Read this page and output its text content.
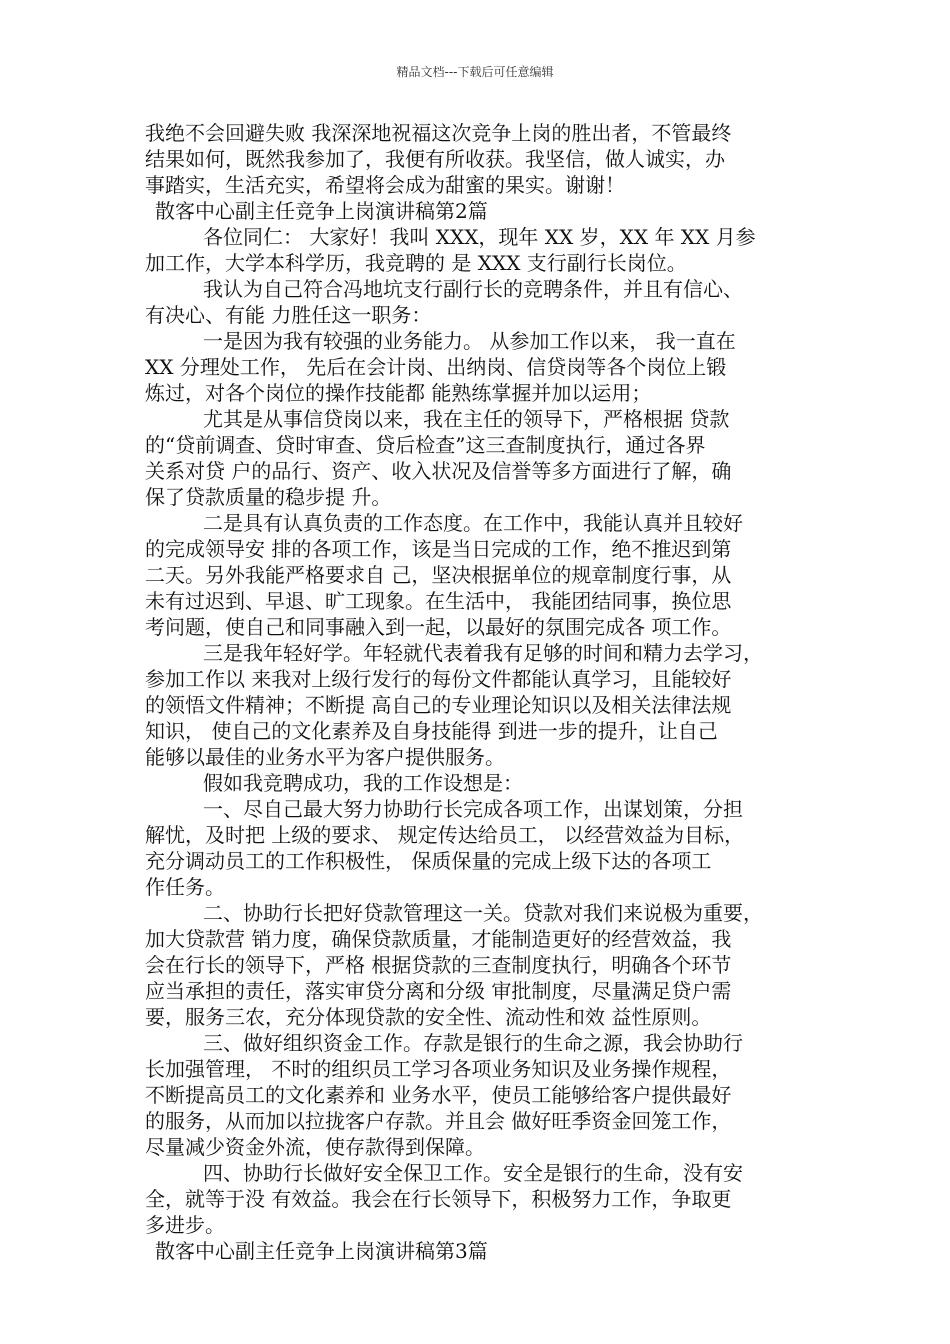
精品文档---下载后可任意编辑
我绝不会回避失败 我深深地祝福这次竞争上岗的胜出者，不管最终
结果如何，既然我参加了，我便有所收获。我坚信，做人诚实，办
事踏实，生活充实，希望将会成为甜蜜的果实。谢谢！
散客中心副主任竞争上岗演讲稿第2篇
各位同仁： 大家好！我叫 XXX，现年 XX 岁，XX 年 XX 月参
加工作，大学本科学历，我竞聘的 是 XXX 支行副行长岗位。
我认为自己符合冯地坑支行副行长的竞聘条件，并且有信心、
有决心、有能 力胜任这一职务：
一是因为我有较强的业务能力。 从参加工作以来， 我一直在
XX 分理处工作， 先后在会计岗、出纳岗、信贷岗等各个岗位上锻
炼过，对各个岗位的操作技能都 能熟练掌握并加以运用；
尤其是从事信贷岗以来，我在主任的领导下，严格根据 贷款
的“贷前调查、贷时审查、贷后检查”这三查制度执行，通过各界
关系对贷 户的品行、资产、收入状况及信誉等多方面进行了解，确
保了贷款质量的稳步提 升。
二是具有认真负责的工作态度。在工作中，我能认真并且较好
的完成领导安 排的各项工作，该是当日完成的工作，绝不推迟到第
二天。另外我能严格要求自 己，坚决根据单位的规章制度行事，从
未有过迟到、早退、旷工现象。在生活中， 我能团结同事，换位思
考问题，使自己和同事融入到一起，以最好的氛围完成各 项工作。
三是我年轻好学。年轻就代表着我有足够的时间和精力去学习，
参加工作以 来我对上级行发行的每份文件都能认真学习，且能较好
的领悟文件精神；不断提 高自己的专业理论知识以及相关法律法规
知识， 使自己的文化素养及自身技能得 到进一步的提升，让自己
能够以最佳的业务水平为客户提供服务。
假如我竞聘成功，我的工作设想是：
一、尽自己最大努力协助行长完成各项工作，出谋划策，分担
解忧，及时把 上级的要求、 规定传达给员工， 以经营效益为目标，
充分调动员工的工作积极性， 保质保量的完成上级下达的各项工
作任务。
二、协助行长把好贷款管理这一关。贷款对我们来说极为重要，
加大贷款营 销力度，确保贷款质量，才能制造更好的经营效益，我
会在行长的领导下，严格 根据贷款的三查制度执行，明确各个环节
应当承担的责任，落实审贷分离和分级 审批制度，尽量满足贷户需
要，服务三农，充分体现贷款的安全性、流动性和效 益性原则。
三、做好组织资金工作。存款是银行的生命之源，我会协助行
长加强管理， 不时的组织员工学习各项业务知识及业务操作规程，
不断提高员工的文化素养和 业务水平，使员工能够给客户提供最好
的服务，从而加以拉拢客户存款。并且会 做好旺季资金回笼工作，
尽量减少资金外流，使存款得到保障。
四、协助行长做好安全保卫工作。安全是银行的生命，没有安
全，就等于没 有效益。我会在行长领导下，积极努力工作，争取更
多进步。
散客中心副主任竞争上岗演讲稿第3篇
